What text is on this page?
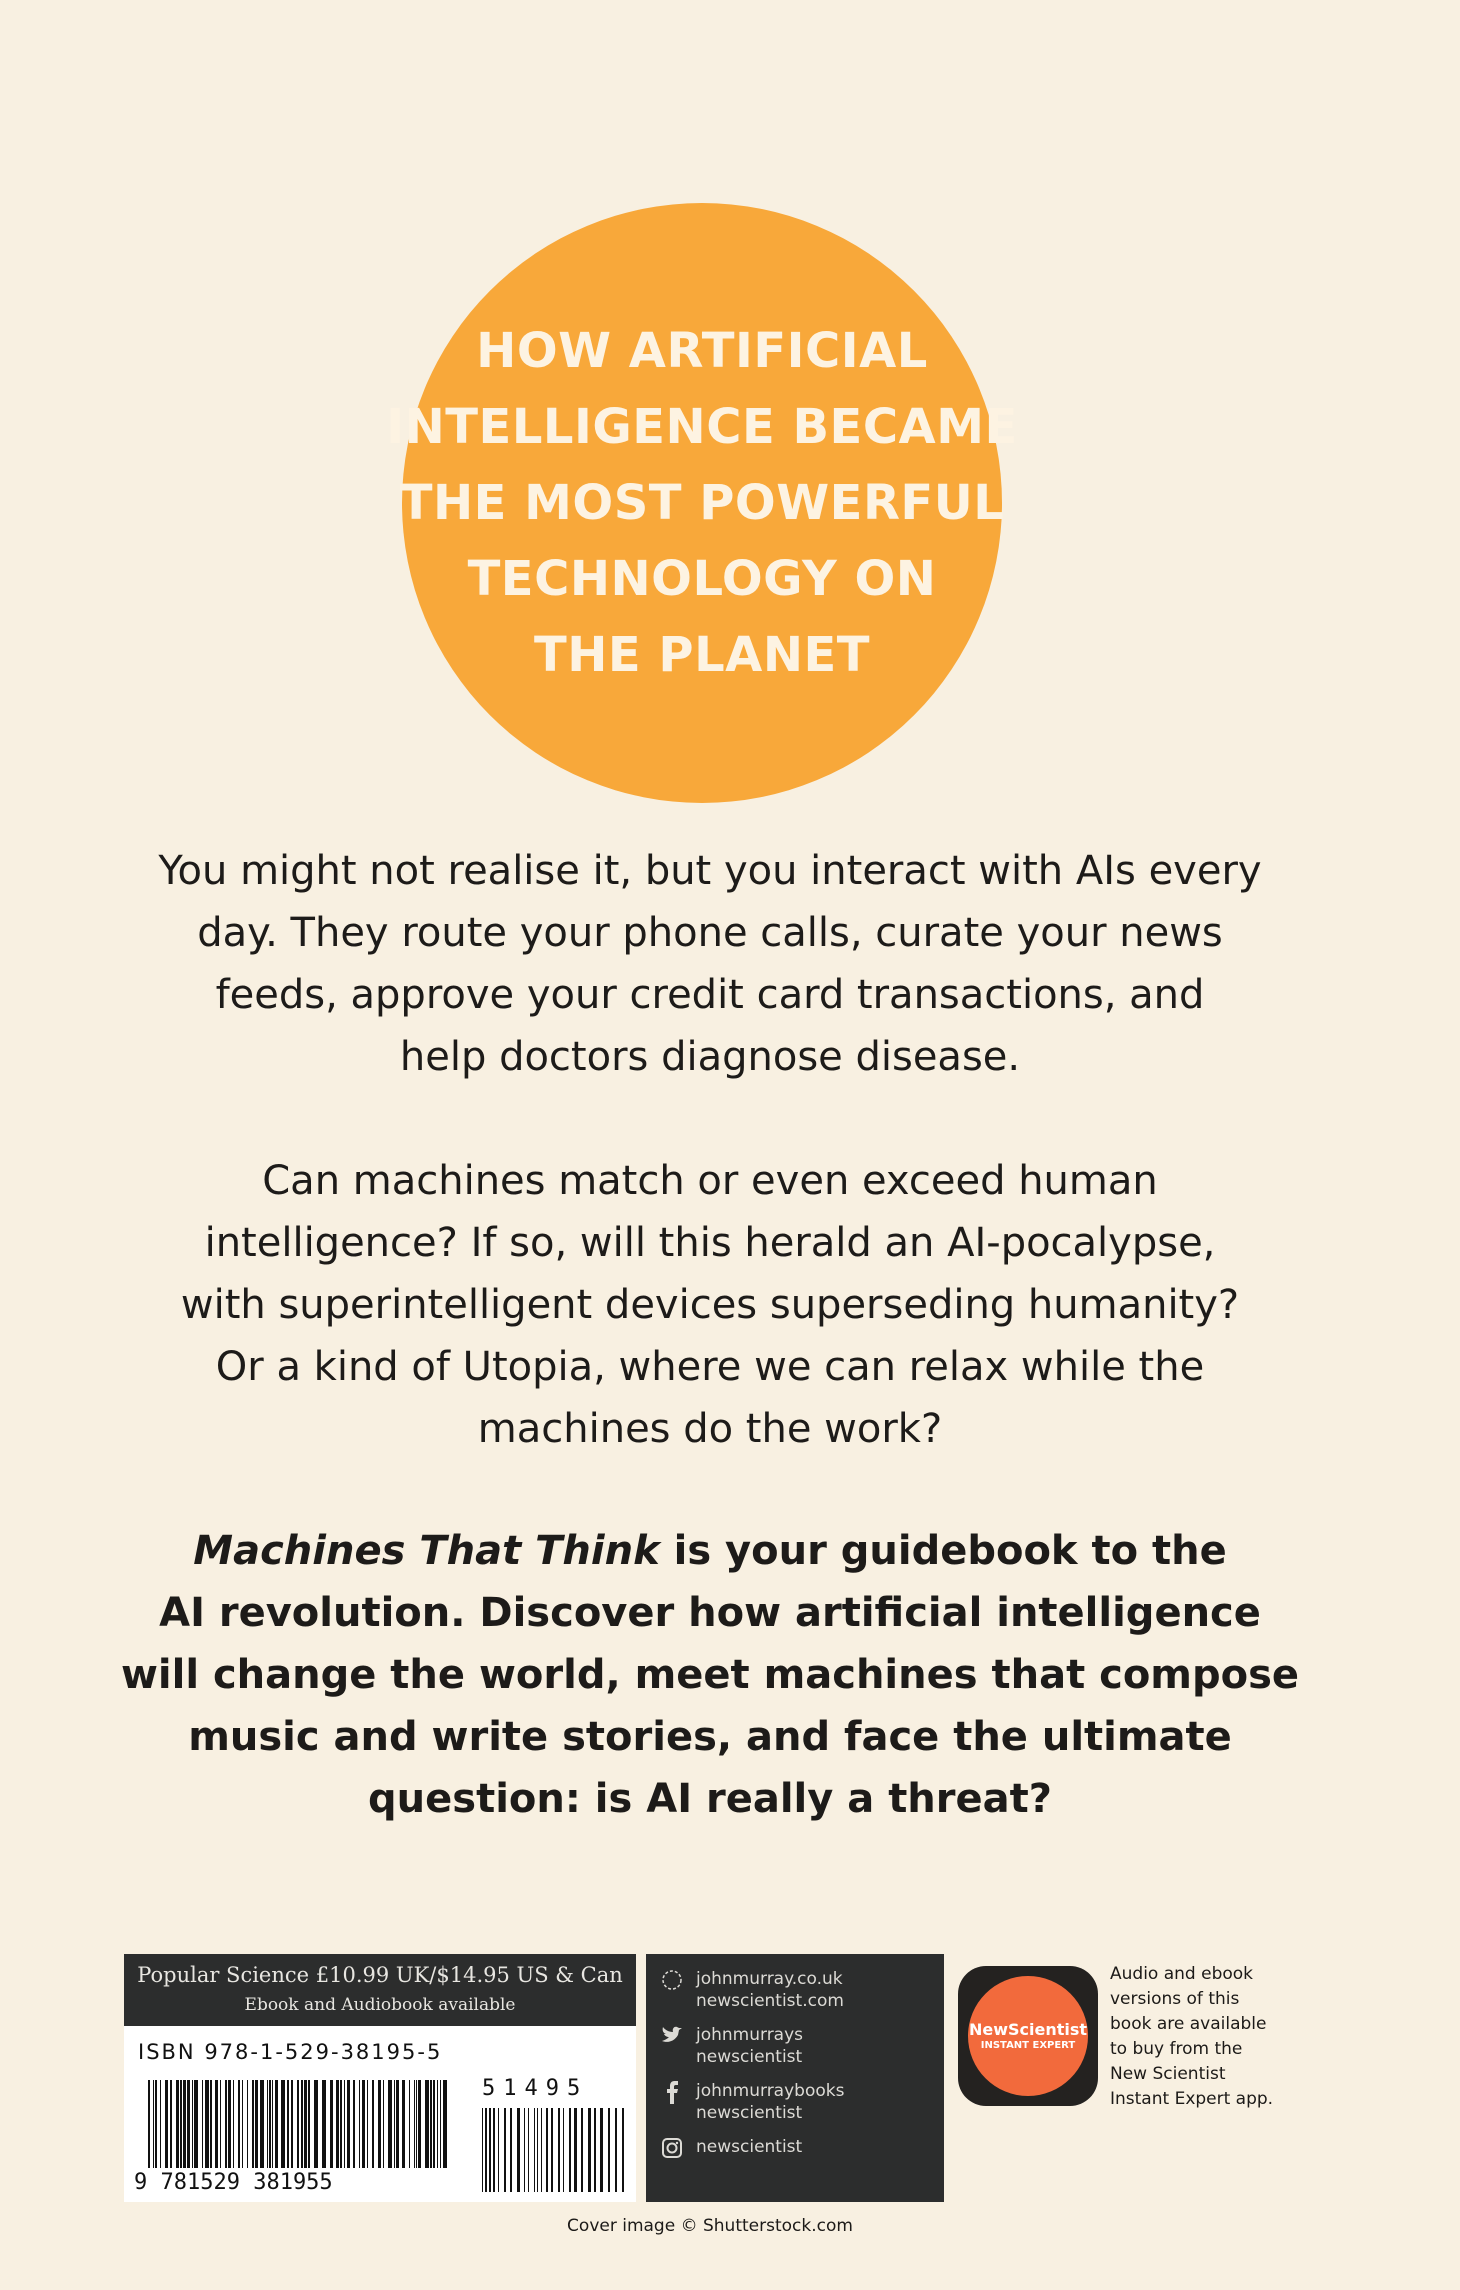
HOW ARTIFICIAL
INTELLIGENCE BECAME
THE MOST POWERFUL
TECHNOLOGY ON
THE PLANET
You might not realise it, but you interact with AIs every
day. They route your phone calls, curate your news
feeds, approve your credit card transactions, and
help doctors diagnose disease.
Can machines match or even exceed human
intelligence? If so, will this herald an AI-pocalypse,
with superintelligent devices superseding humanity?
Or a kind of Utopia, where we can relax while the
machines do the work?
Machines That Think is your guidebook to the
AI revolution. Discover how artificial intelligence
will change the world, meet machines that compose
music and write stories, and face the ultimate
question: is AI really a threat?
Popular Science £10.99 UK/$14.95 US & Can
Ebook and Audiobook available
ISBN 978-1-529-38195-5
51495
9 781529 381955
johnmurray.co.uk
newscientist.com
johnmurrays
newscientist
johnmurraybooks
newscientist
newscientist
NewScientist
INSTANT EXPERT
Audio and ebook
versions of this
book are available
to buy from the
New Scientist
Instant Expert app.
Cover image © Shutterstock.com
